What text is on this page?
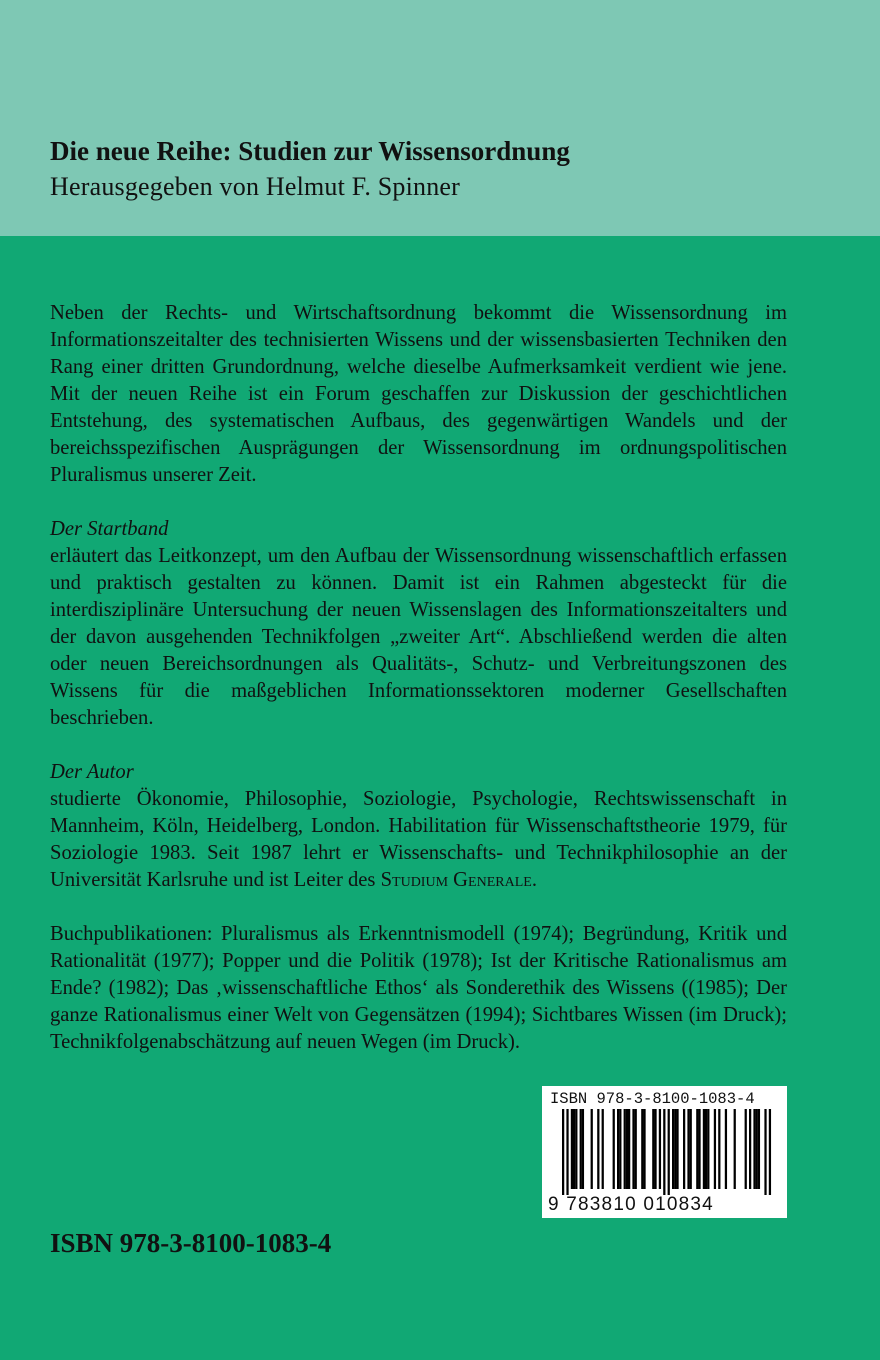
Die neue Reihe: Studien zur Wissensordnung
Herausgegeben von Helmut F. Spinner

Neben der Rechts- und Wirtschaftsordnung bekommt die Wissensordnung im Informationszeitalter des technisierten Wissens und der wissensbasierten Techniken den Rang einer dritten Grundordnung, welche dieselbe Aufmerksamkeit verdient wie jene. Mit der neuen Reihe ist ein Forum geschaffen zur Diskussion der geschichtlichen Entstehung, des systematischen Aufbaus, des gegenwärtigen Wandels und der bereichsspezifischen Ausprägungen der Wissensordnung im ordnungspolitischen Pluralismus unserer Zeit.

Der Startband

erläutert das Leitkonzept, um den Aufbau der Wissensordnung wissenschaftlich erfassen und praktisch gestalten zu können. Damit ist ein Rahmen abgesteckt für die interdisziplinäre Untersuchung der neuen Wissenslagen des Informationszeitalters und der davon ausgehenden Technikfolgen „zweiter Art“. Abschließend werden die alten oder neuen Bereichsordnungen als Qualitäts-, Schutz- und Verbreitungszonen des Wissens für die maßgeblichen Informationssektoren moderner Gesellschaften beschrieben.

Der Autor

studierte Ökonomie, Philosophie, Soziologie, Psychologie, Rechtswissenschaft in Mannheim, Köln, Heidelberg, London. Habilitation für Wissenschaftstheorie 1979, für Soziologie 1983. Seit 1987 lehrt er Wissenschafts- und Technikphilosophie an der Universität Karlsruhe und ist Leiter des Studium Generale.

Buchpublikationen: Pluralismus als Erkenntnismodell (1974); Begründung, Kritik und Rationalität (1977); Popper und die Politik (1978); Ist der Kritische Rationalismus am Ende? (1982); Das ‚wissenschaftliche Ethos‘ als Sonderethik des Wissens ((1985); Der ganze Rationalismus einer Welt von Gegensätzen (1994); Sichtbares Wissen (im Druck); Technikfolgenabschätzung auf neuen Wegen (im Druck).

ISBN 978-3-8100-1083-4
9 783810 010834
ISBN 978-3-8100-1083-4
